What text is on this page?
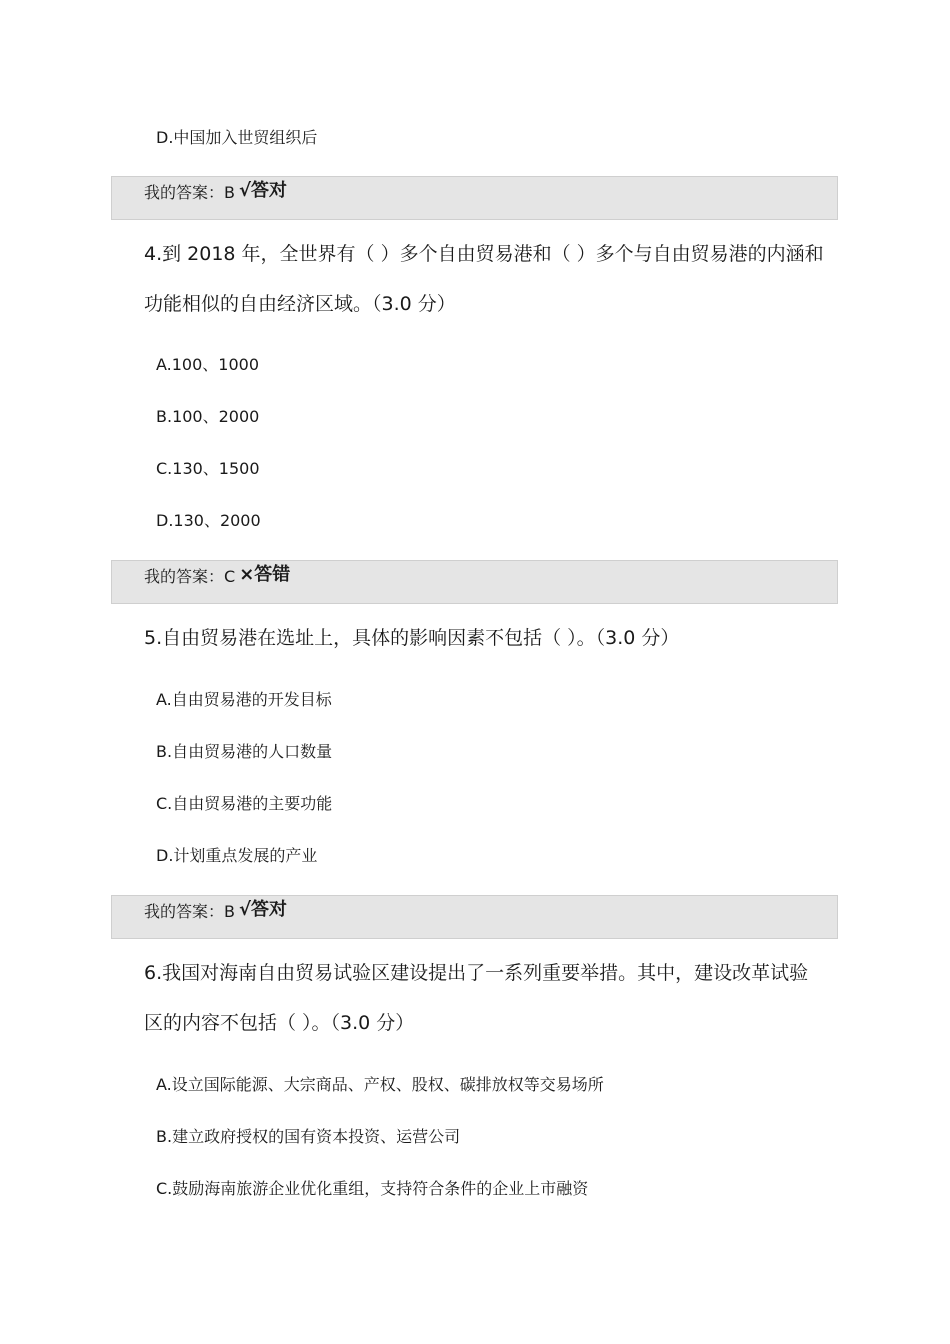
D.中国加入世贸组织后
我的答案：B √答对
4.到 2018 年，全世界有（ ）多个自由贸易港和（ ）多个与自由贸易港的内涵和功能相似的自由经济区域。（3.0 分）
A.100、1000
B.100、2000
C.130、1500
D.130、2000
我的答案：C ×答错
5.自由贸易港在选址上，具体的影响因素不包括（ ）。（3.0 分）
A.自由贸易港的开发目标
B.自由贸易港的人口数量
C.自由贸易港的主要功能
D.计划重点发展的产业
我的答案：B √答对
6.我国对海南自由贸易试验区建设提出了一系列重要举措。其中，建设改革试验区的内容不包括（ ）。（3.0 分）
A.设立国际能源、大宗商品、产权、股权、碳排放权等交易场所
B.建立政府授权的国有资本投资、运营公司
C.鼓励海南旅游企业优化重组，支持符合条件的企业上市融资
